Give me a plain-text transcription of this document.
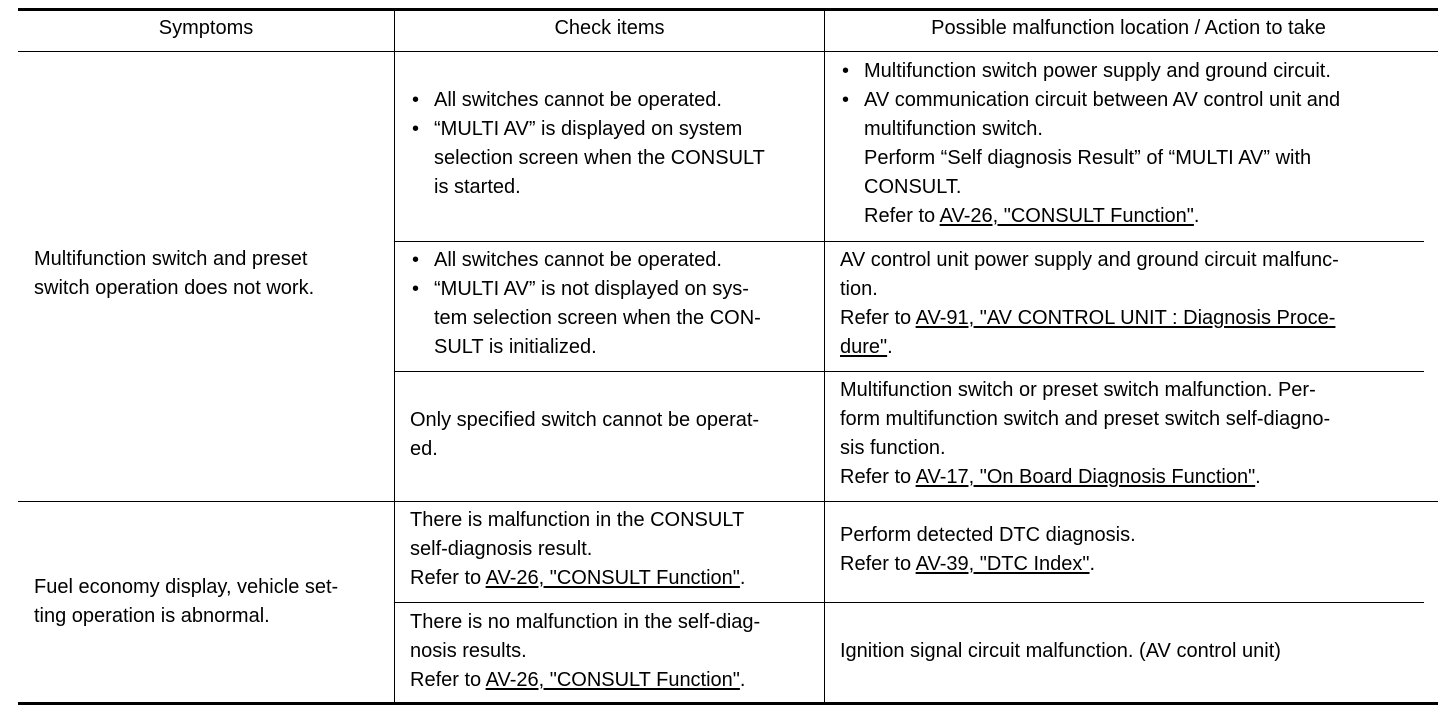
Symptoms	Check items	Possible malfunction location / Action to take
Multifunction switch and preset
switch operation does not work.
• All switches cannot be operated.
• “MULTI AV” is displayed on system
selection screen when the CONSULT
is started.
• Multifunction switch power supply and ground circuit.
• AV communication circuit between AV control unit and
multifunction switch.
Perform “Self diagnosis Result” of “MULTI AV” with
CONSULT.
Refer to AV-26, "CONSULT Function".
• All switches cannot be operated.
• “MULTI AV” is not displayed on sys-
tem selection screen when the CON-
SULT is initialized.
AV control unit power supply and ground circuit malfunc-
tion.
Refer to AV-91, "AV CONTROL UNIT : Diagnosis Proce-
dure".
Only specified switch cannot be operat-
ed.
Multifunction switch or preset switch malfunction. Per-
form multifunction switch and preset switch self-diagno-
sis function.
Refer to AV-17, "On Board Diagnosis Function".
Fuel economy display, vehicle set-
ting operation is abnormal.
There is malfunction in the CONSULT
self-diagnosis result.
Refer to AV-26, "CONSULT Function".
Perform detected DTC diagnosis.
Refer to AV-39, "DTC Index".
There is no malfunction in the self-diag-
nosis results.
Refer to AV-26, "CONSULT Function".
Ignition signal circuit malfunction. (AV control unit)
